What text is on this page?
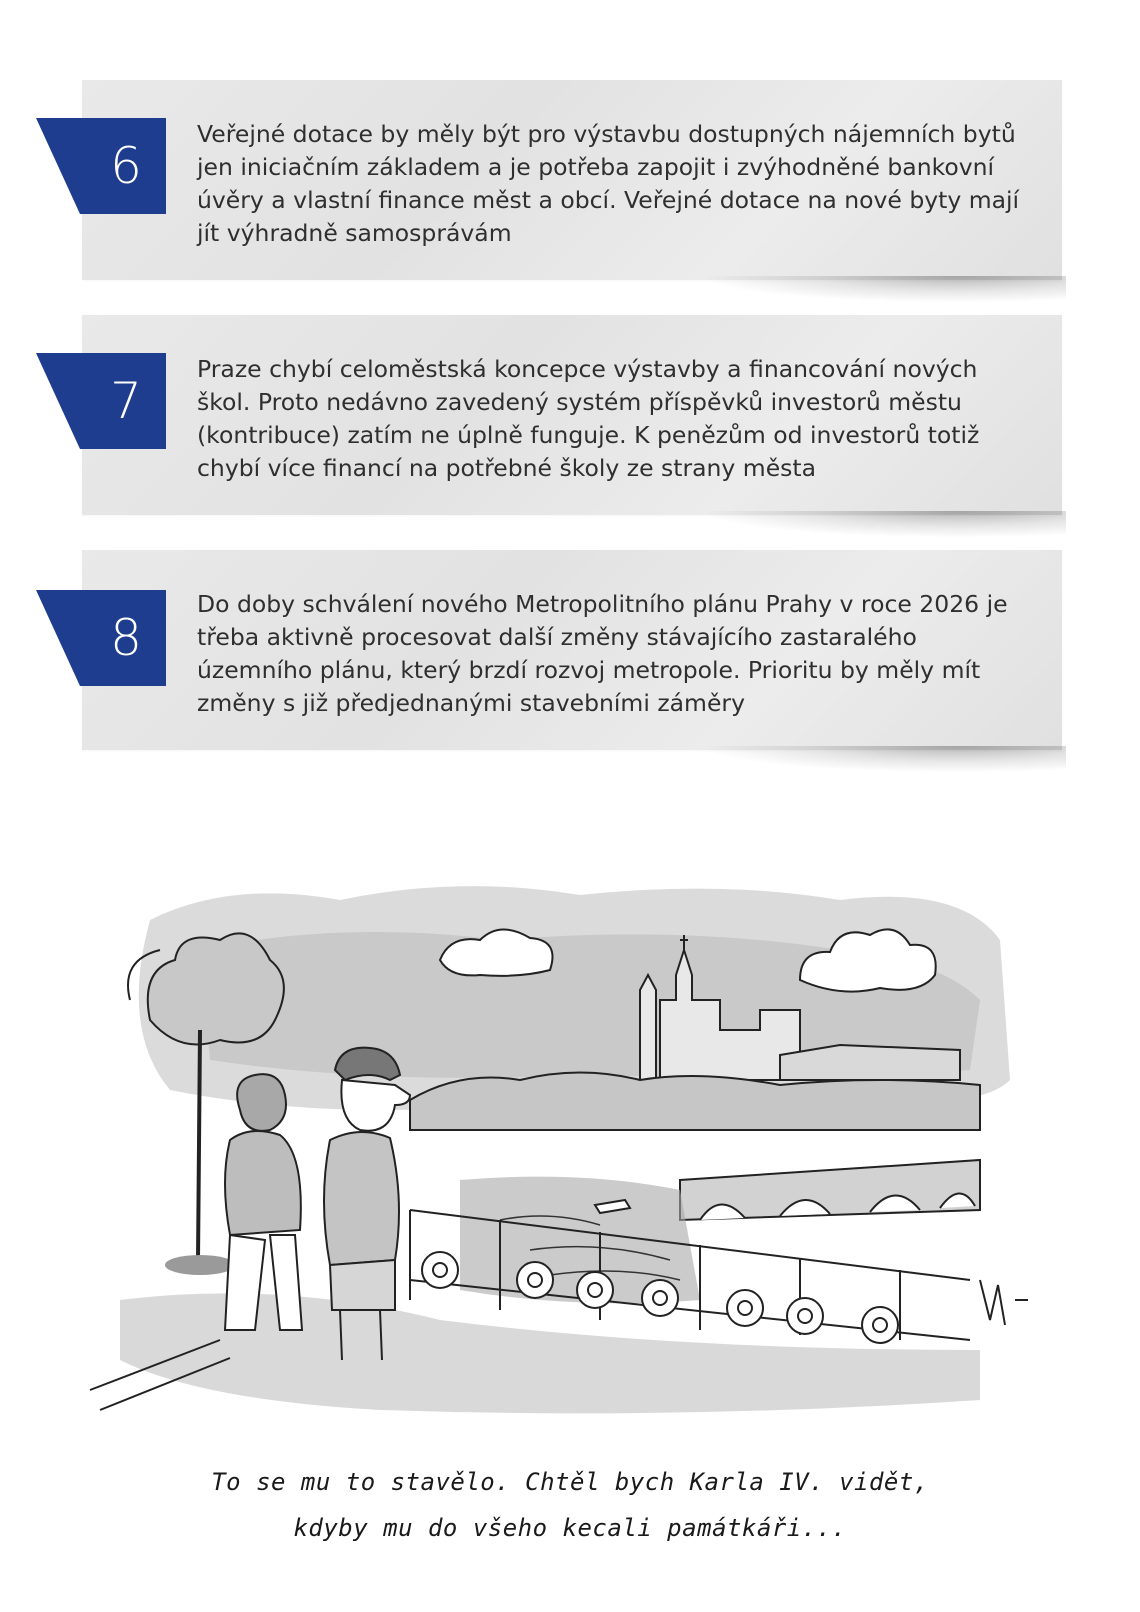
Veřejné dotace by měly být pro výstavbu dostupných nájemních bytů jen iniciačním základem a je potřeba zapojit i zvýhodněné bankovní úvěry a vlastní finance měst a obcí. Veřejné dotace na nové byty mají jít výhradně samosprávám

6

Praze chybí celoměstská koncepce výstavby a financování nových škol. Proto nedávno zavedený systém příspěvků investorů městu (kontribuce) zatím ne úplně funguje. K penězům od investorů totiž chybí více financí na potřebné školy ze strany města

7

Do doby schválení nového Metropolitního plánu Prahy v roce 2026 je třeba aktivně procesovat další změny stávajícího zastaralého územního plánu, který brzdí rozvoj metropole. Prioritu by měly mít změny s již předjednanými stavebními záměry

8
To se mu to stavělo. Chtěl bych Karla IV. vidět,
kdyby mu do všeho kecali památkáři...
